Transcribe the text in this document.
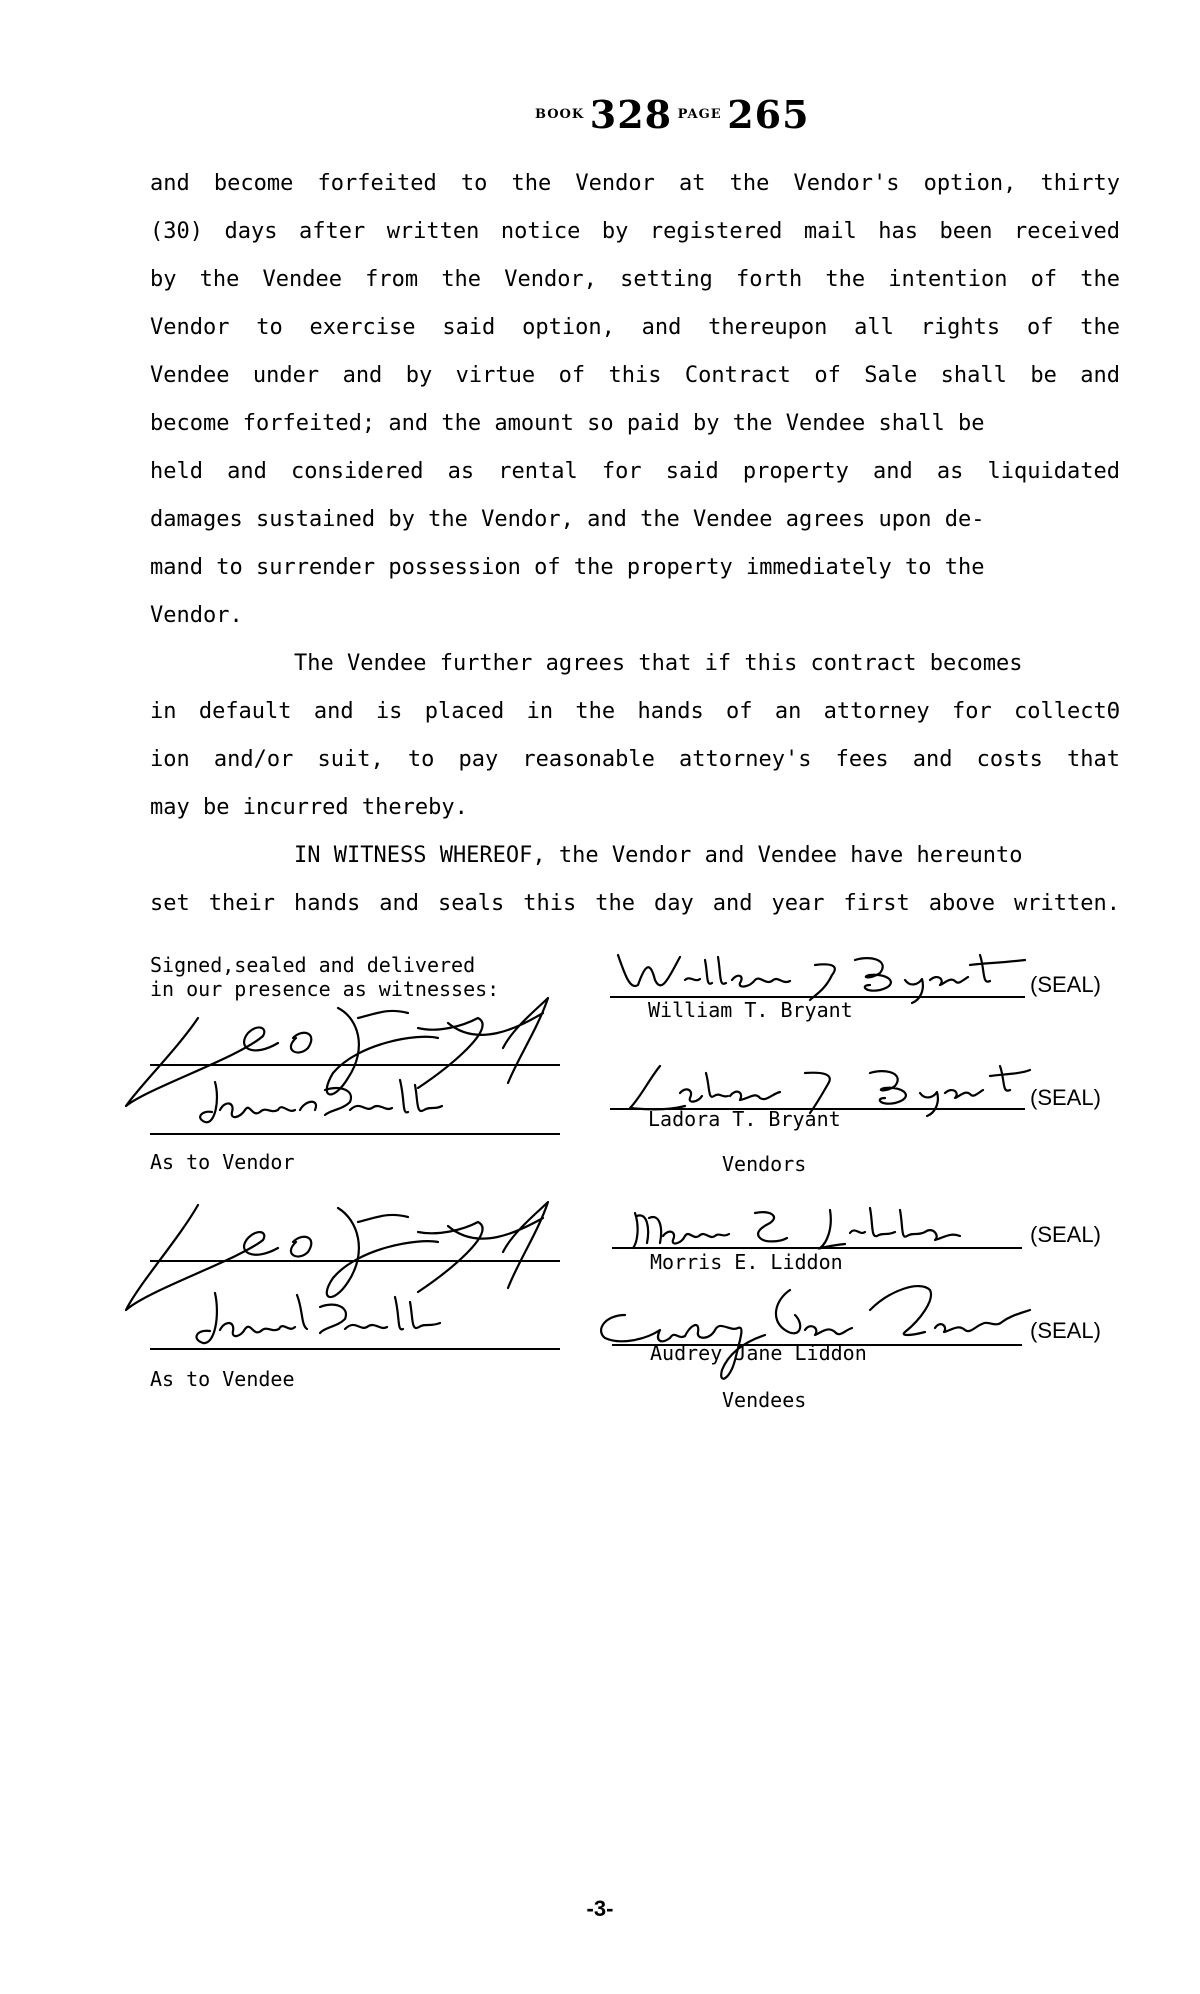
BOOK 328 PAGE 265
and become forfeited to the Vendor at the Vendor's option, thirty
(30) days after written notice by registered mail has been received
by the Vendee from the Vendor, setting forth the intention of the
Vendor to exercise said option, and thereupon all rights of the
Vendee under and by virtue of this Contract of Sale shall be and
become forfeited; and the amount so paid by the Vendee shall be
held and considered as rental for said property and as liquidated
damages sustained by the Vendor, and the Vendee agrees upon de-
mand to surrender possession of the property immediately to the
Vendor.
The Vendee further agrees that if this contract becomes
in default and is placed in the hands of an attorney for collectΘ
ion and/or suit, to pay reasonable attorney's fees and costs that
may be incurred thereby.
IN WITNESS WHEREOF, the Vendor and Vendee have hereunto
set their hands and seals this the day and year first above written.
Signed,sealed and delivered
in our presence as witnesses:
As to Vendor
As to Vendee
(SEAL)
William T. Bryant
(SEAL)
Ladora T. Bryant
Vendors
(SEAL)
Morris E. Liddon
(SEAL)
Audrey Jane Liddon
Vendees
-3-
